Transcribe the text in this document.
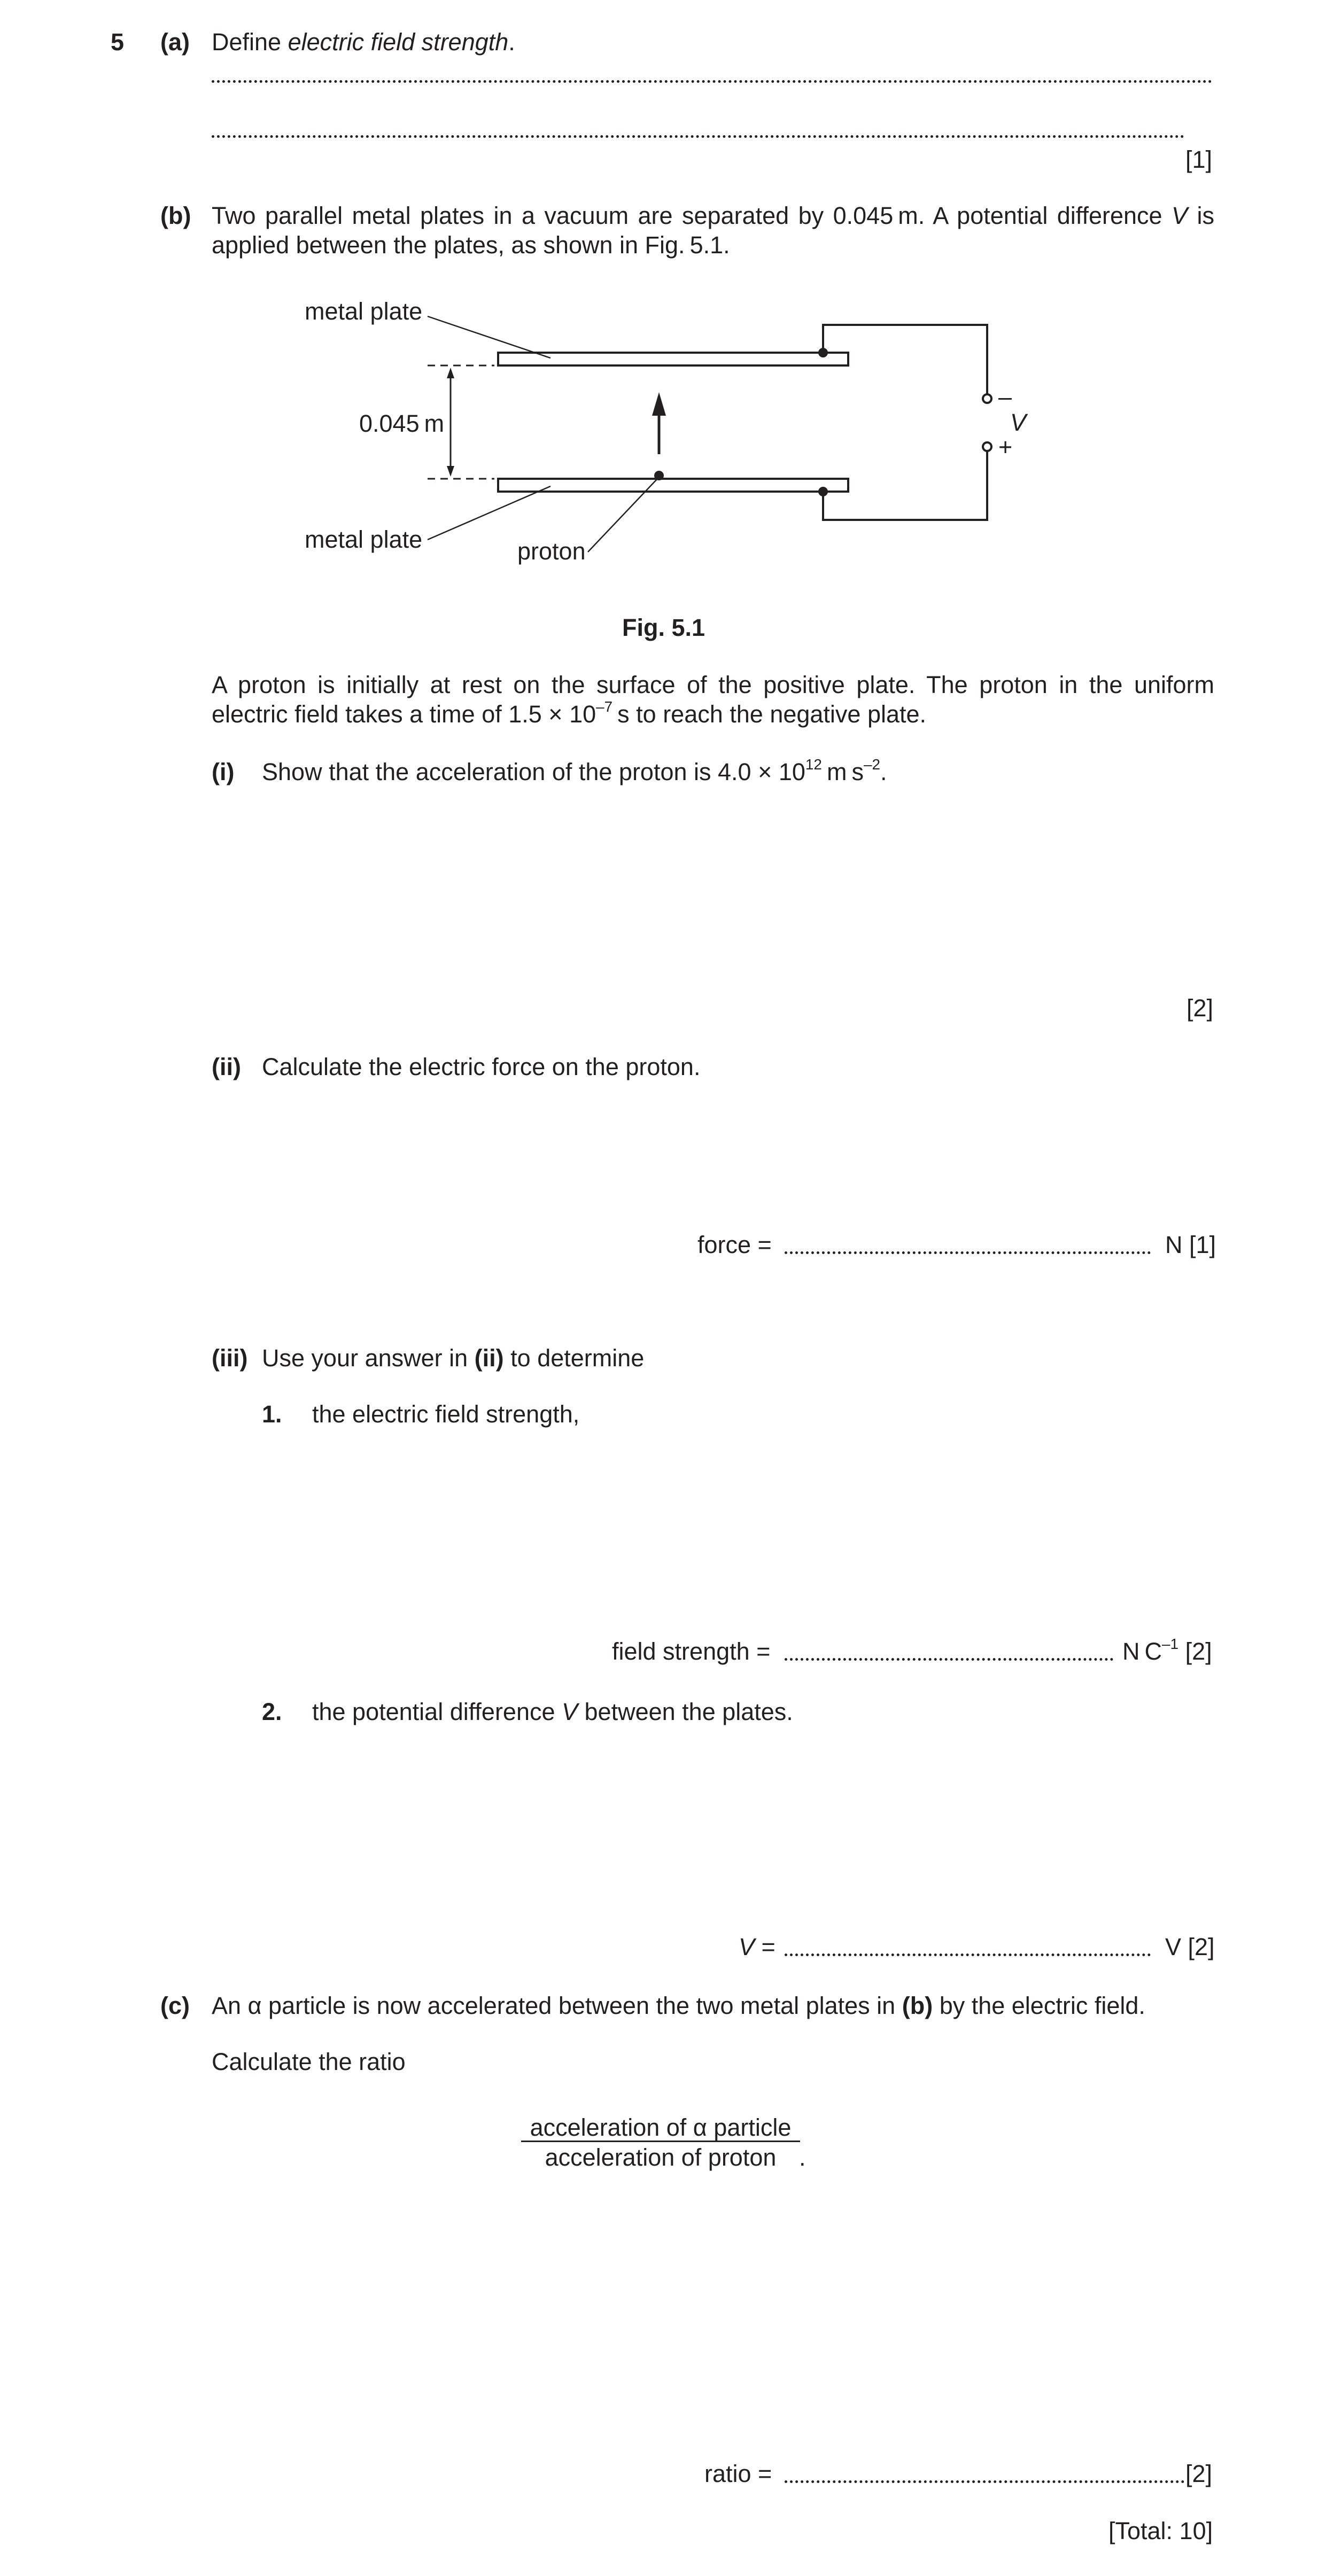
5 (a) Define electric field strength.
[1]
(b) Two parallel metal plates in a vacuum are separated by 0.045 m. A potential difference V is applied between the plates, as shown in Fig. 5.1.
metal plate
metal plate	proton
0.045 m
–
+
V
Fig. 5.1
A proton is initially at rest on the surface of the positive plate. The proton in the uniform electric field takes a time of $1.5 \times 10^{-7}$ s to reach the negative plate.
(i) Show that the acceleration of the proton is $4.0 \times 10^{12}$ m $s^{-2}$.
[2]
(ii) Calculate the electric force on the proton.
force =	N [1]
(iii) Use your answer in (ii) to determine
1. the electric field strength,
field strength =	N $C^{-1}$ [2]
2. the potential difference V between the plates.
V =	V [2]
(c) An α particle is now accelerated between the two metal plates in (b) by the electric field.
Calculate the ratio
acceleration of α particle
acceleration of proton .
ratio =	[2]
[Total: 10]
